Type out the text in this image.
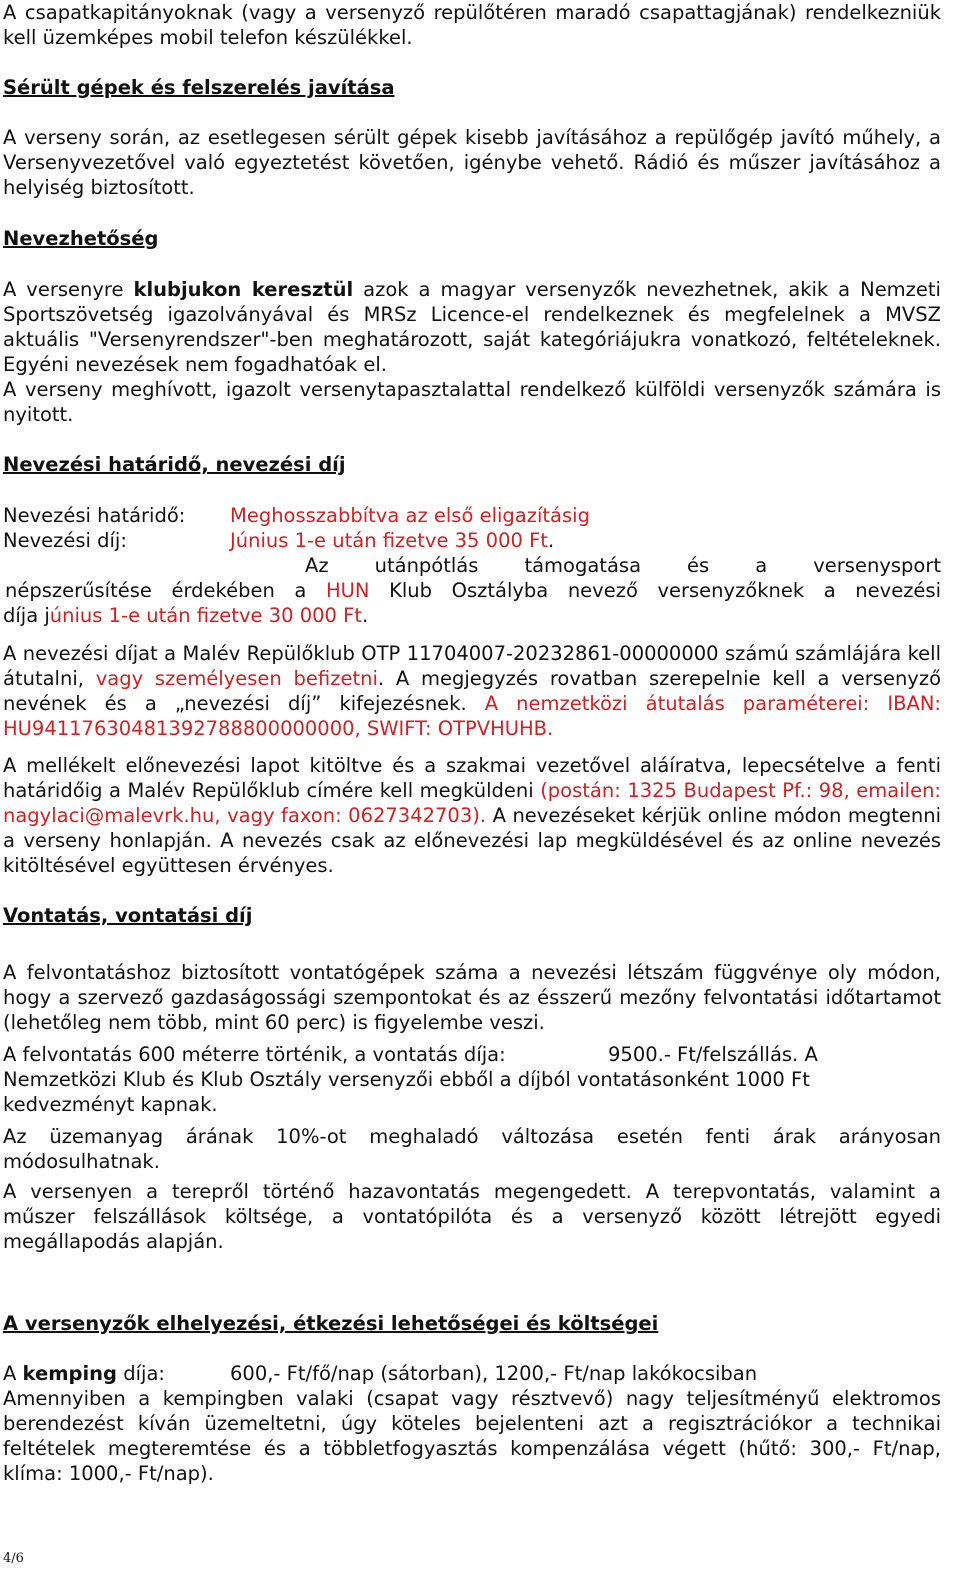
A csapatkapitányoknak (vagy a versenyző repülőtéren maradó csapattagjának) rendelkezniük kell üzemképes mobil telefon készülékkel.
Sérült gépek és felszerelés javítása
A verseny során, az esetlegesen sérült gépek kisebb javításához a repülőgép javító műhely, a Versenyvezetővel való egyeztetést követően, igénybe vehető. Rádió és műszer javításához a helyiség biztosított.
Nevezhetőség
A versenyre klubjukon keresztül azok a magyar versenyzők nevezhetnek, akik a Nemzeti Sportszövetség igazolványával és MRSz Licence-el rendelkeznek és megfelelnek a MVSZ aktuális "Versenyrendszer"-ben meghatározott, saját kategóriájukra vonatkozó, feltételeknek. Egyéni nevezések nem fogadhatóak el.
A verseny meghívott, igazolt versenytapasztalattal rendelkező külföldi versenyzők számára is nyitott.
Nevezési határidő, nevezési díj
Nevezési határidő: Meghosszabbítva az első eligazításig
Nevezési díj:	Június 1-e után fizetve 35 000 Ft.
Az utánpótlás támogatása és a versenysport
népszerűsítése érdekében a HUN Klub Osztályba nevező versenyzőknek a nevezési
díja június 1-e után fizetve 30 000 Ft.
A nevezési díjat a Malév Repülőklub OTP 11704007-20232861-00000000 számú számlájára kell átutalni, vagy személyesen befizetni. A megjegyzés rovatban szerepelnie kell a versenyző nevének és a „nevezési díj” kifejezésnek. A nemzetközi átutalás paraméterei: IBAN: HU94117630481392788800000000, SWIFT: OTPVHUHB.
A mellékelt előnevezési lapot kitöltve és a szakmai vezetővel aláíratva, lepecsételve a fenti határidőig a Malév Repülőklub címére kell megküldeni (postán: 1325 Budapest Pf.: 98, emailen: nagylaci@malevrk.hu, vagy faxon: 0627342703). A nevezéseket kérjük online módon megtenni a verseny honlapján. A nevezés csak az előnevezési lap megküldésével és az online nevezés kitöltésével együttesen érvényes.
Vontatás, vontatási díj
A felvontatáshoz biztosított vontatógépek száma a nevezési létszám függvénye oly módon, hogy a szervező gazdaságossági szempontokat és az ésszerű mezőny felvontatási időtartamot (lehetőleg nem több, mint 60 perc) is figyelembe veszi.
A felvontatás 600 méterre történik, a vontatás díja:	9500.- Ft/felszállás. A
Nemzetközi Klub és Klub Osztály versenyzői ebből a díjból vontatásonként 1000 Ft
kedvezményt kapnak.
Az üzemanyag árának 10%-ot meghaladó változása esetén fenti árak arányosan módosulhatnak.
A versenyen a terepről történő hazavontatás megengedett. A terepvontatás, valamint a műszer felszállások költsége, a vontatópilóta és a versenyző között létrejött egyedi megállapodás alapján.
A versenyzők elhelyezési, étkezési lehetőségei és költségei
A kemping díja:	600,- Ft/fő/nap (sátorban), 1200,- Ft/nap lakókocsiban
Amennyiben a kempingben valaki (csapat vagy résztvevő) nagy teljesítményű elektromos berendezést kíván üzemeltetni, úgy köteles bejelenteni azt a regisztrációkor a technikai feltételek megteremtése és a többletfogyasztás kompenzálása végett (hűtő: 300,- Ft/nap, klíma: 1000,- Ft/nap).
4/6
